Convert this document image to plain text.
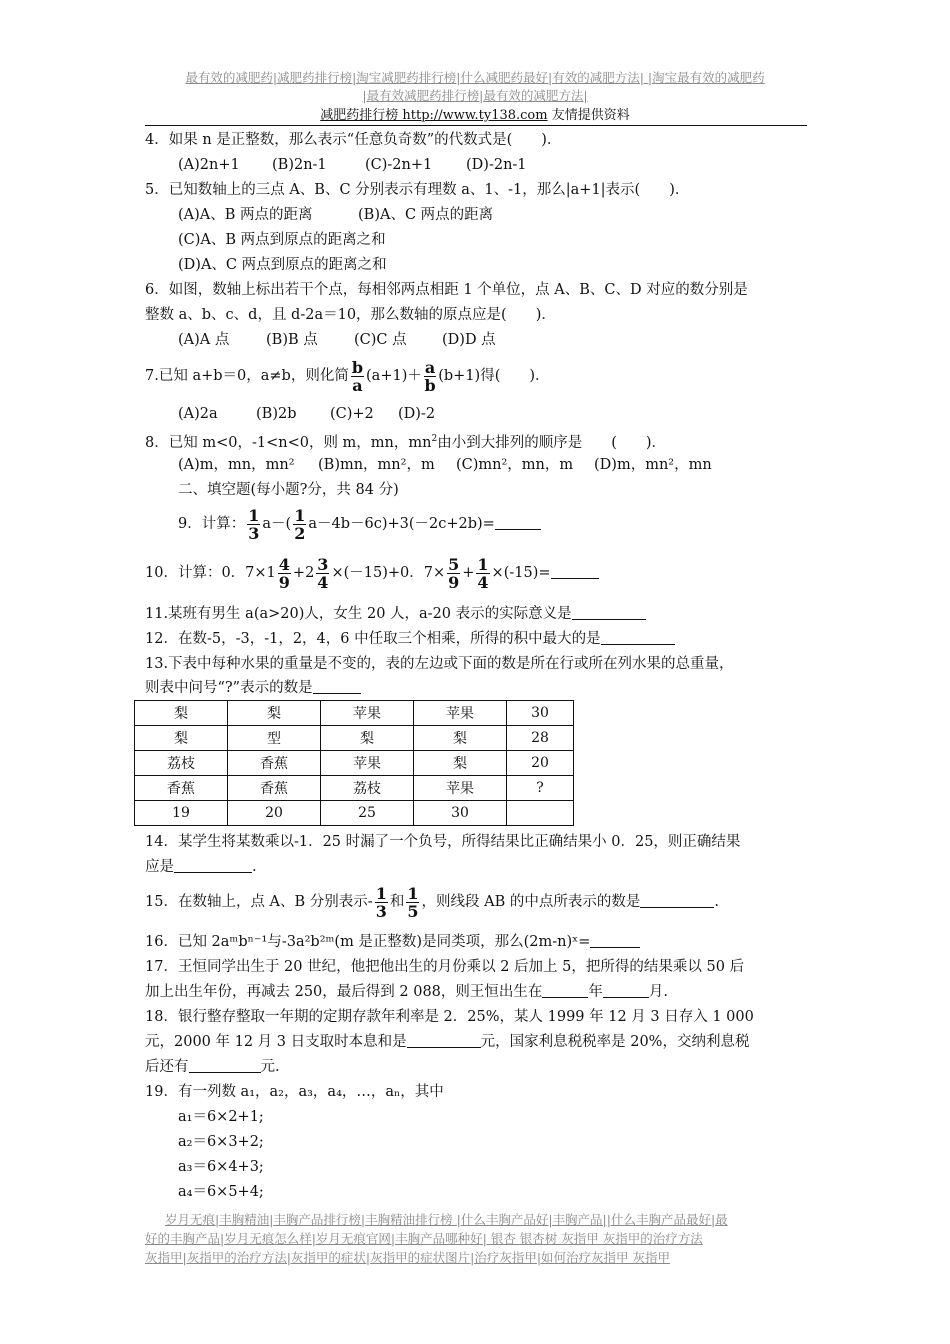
最有效的减肥药|减肥药排行榜|淘宝减肥药排行榜|什么减肥药最好|有效的减肥方法| |淘宝最有效的减肥药
|最有效减肥药排行榜|最有效的减肥方法|
减肥药排行榜 http://www.ty138.com 友情提供资料
4．如果 n 是正整数，那么表示“任意负奇数”的代数式是(　　)．
(A)2n+1 (B)2n-1	(C)-2n+1 (D)-2n-1
5．已知数轴上的三点 A、B、C 分别表示有理数 a、1、-1，那么|a+1|表示(　　)．
(A)A、B 两点的距离	(B)A、C 两点的距离
(C)A、B 两点到原点的距离之和
(D)A、C 两点到原点的距离之和
6．如图，数轴上标出若干个点，每相邻两点相距 1 个单位，点 A、B、C、D 对应的数分别是
整数 a、b、c、d，且 d-2a＝10，那么数轴的原点应是(　　)．
(A)A 点	(B)B 点	(C)C 点 (D)D 点
7.已知 a+b＝0，a≠b，则化简 $\frac{b}{a} (a+1)+ \frac{a}{b} (b+1)$得(　　)．
(A)2a	(B)2b (C)+2 (D)-2
8．已知 m<0，-1<n<0，则 m，mn，$mn^2$由小到大排列的顺序是　　(　　)．
(A)m，mn，mn² (B)mn，mn²，m (C)mn²，mn，m (D)m，mn²，mn
二、填空题(每小题?分，共 84 分)
9．计算： $\frac{1}{3} a-( \frac{1}{2} a-4b-6c)+3(-2c+2b)=$
10．计算：0．$7\times 1 \frac{4}{9} +2 \frac{3}{4} \times(-15)+0$．$7\times \frac{5}{9} + \frac{1}{4} \times(-15)=$
11.某班有男生 a(a>20)人，女生 20 人，a-20 表示的实际意义是
12．在数-5，-3，-1，2，4，6 中任取三个相乘，所得的积中最大的是
13.下表中每种水果的重量是不变的，表的左边或下面的数是所在行或所在列水果的总重量，
则表中问号“?”表示的数是
梨	梨	苹果	苹果	30
梨	型	梨	梨	28
荔枝	香蕉	苹果	梨	20
香蕉	香蕉	荔枝	苹果	?
19	20	25	30	
14．某学生将某数乘以-1．25 时漏了一个负号，所得结果比正确结果小 0．25，则正确结果
应是	.
15．在数轴上，点 A、B 分别表示- $\frac{1}{3}$ 和 $\frac{1}{5}$ ，则线段 AB 的中点所表示的数是	.
16．已知 2aᵐbⁿ⁻¹与-3a²b²ᵐ(m 是正整数)是同类项，那么(2m-n)ˣ=
17．王恒同学出生于 20 世纪，他把他出生的月份乘以 2 后加上 5，把所得的结果乘以 50 后
加上出生年份，再减去 250，最后得到 2 088，则王恒出生在	年	月.
18．银行整存整取一年期的定期存款年利率是 2．25%，某人 1999 年 12 月 3 日存入 1 000
元，2000 年 12 月 3 日支取时本息和是	元，国家利息税税率是 20%，交纳利息税
后还有	元.
19．有一列数 a₁，a₂，a₃，a₄，…，aₙ，其中
a₁＝6×2+1;
a₂＝6×3+2;
a₃＝6×4+3;
a₄＝6×5+4;
岁月无痕|丰胸精油|丰胸产品排行榜|丰胸精油排行榜 |什么丰胸产品好|丰胸产品||什么丰胸产品最好|最
好的丰胸产品|岁月无痕怎么样|岁月无痕官网|丰胸产品哪种好| 银杏 银杏树 灰指甲 灰指甲的治疗方法
灰指甲|灰指甲的治疗方法|灰指甲的症状|灰指甲的症状图片|治疗灰指甲|如何治疗灰指甲 灰指甲
